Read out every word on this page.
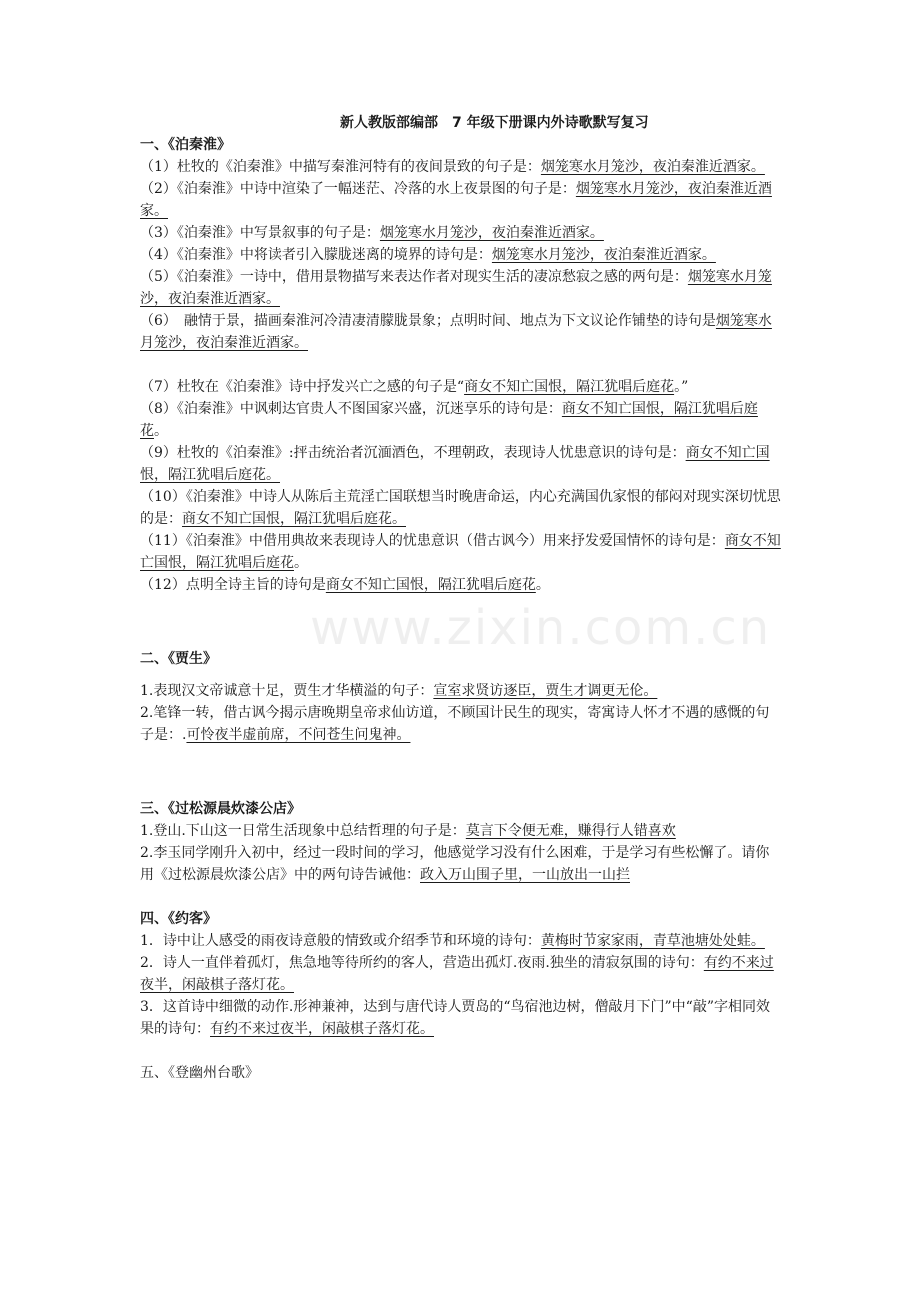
新人教版部编部　7 年级下册课内外诗歌默写复习

一、《泊秦淮》

（1）杜牧的《泊秦淮》中描写秦淮河特有的夜间景致的句子是：烟笼寒水月笼沙，夜泊秦淮近酒家。

（2）《泊秦淮》中诗中渲染了一幅迷茫、冷落的水上夜景图的句子是：烟笼寒水月笼沙，夜泊秦淮近酒家。

（3）《泊秦淮》中写景叙事的句子是：烟笼寒水月笼沙，夜泊秦淮近酒家。

（4）《泊秦淮》中将读者引入朦胧迷离的境界的诗句是：烟笼寒水月笼沙，夜泊秦淮近酒家。

（5）《泊秦淮》一诗中，借用景物描写来表达作者对现实生活的凄凉愁寂之感的两句是：烟笼寒水月笼沙，夜泊秦淮近酒家。

（6）　融情于景，描画秦淮河冷清凄清朦胧景象；点明时间、地点为下文议论作铺垫的诗句是烟笼寒水月笼沙，夜泊秦淮近酒家。

（7）杜牧在《泊秦淮》诗中抒发兴亡之感的句子是“商女不知亡国恨，隔江犹唱后庭花。”

（8）《泊秦淮》中讽刺达官贵人不图国家兴盛，沉迷享乐的诗句是：商女不知亡国恨，隔江犹唱后庭花。

（9）杜牧的《泊秦淮》:抨击统治者沉湎酒色，不理朝政，表现诗人忧患意识的诗句是：商女不知亡国恨，隔江犹唱后庭花。

（10）《泊秦淮》中诗人从陈后主荒淫亡国联想当时晚唐命运，内心充满国仇家恨的郁闷对现实深切忧思的是：商女不知亡国恨，隔江犹唱后庭花。

（11）《泊秦淮》中借用典故来表现诗人的忧患意识（借古讽今）用来抒发爱国情怀的诗句是：商女不知亡国恨，隔江犹唱后庭花。

（12）点明全诗主旨的诗句是商女不知亡国恨，隔江犹唱后庭花。

二、《贾生》

1.表现汉文帝诚意十足，贾生才华横溢的句子：宣室求贤访逐臣，贾生才调更无伦。

2.笔锋一转，借古讽今揭示唐晚期皇帝求仙访道，不顾国计民生的现实，寄寓诗人怀才不遇的感慨的句子是：.可怜夜半虚前席，不问苍生问鬼神。

三、《过松源晨炊漆公店》

1.登山.下山这一日常生活现象中总结哲理的句子是：莫言下令便无难，赚得行人错喜欢

2.李玉同学刚升入初中，经过一段时间的学习，他感觉学习没有什么困难，于是学习有些松懈了。请你用《过松源晨炊漆公店》中的两句诗告诫他：政入万山围子里，一山放出一山拦

四、《约客》

1．诗中让人感受的雨夜诗意般的情致或介绍季节和环境的诗句：黄梅时节家家雨，青草池塘处处蛙。

2．诗人一直伴着孤灯，焦急地等待所约的客人，营造出孤灯.夜雨.独坐的清寂氛围的诗句：有约不来过夜半，闲敲棋子落灯花。

3．这首诗中细微的动作.形神兼神，达到与唐代诗人贾岛的“鸟宿池边树，僧敲月下门”中“敲”字相同效果的诗句：有约不来过夜半，闲敲棋子落灯花。

五、《登幽州台歌》

www.zixin.com.cn
